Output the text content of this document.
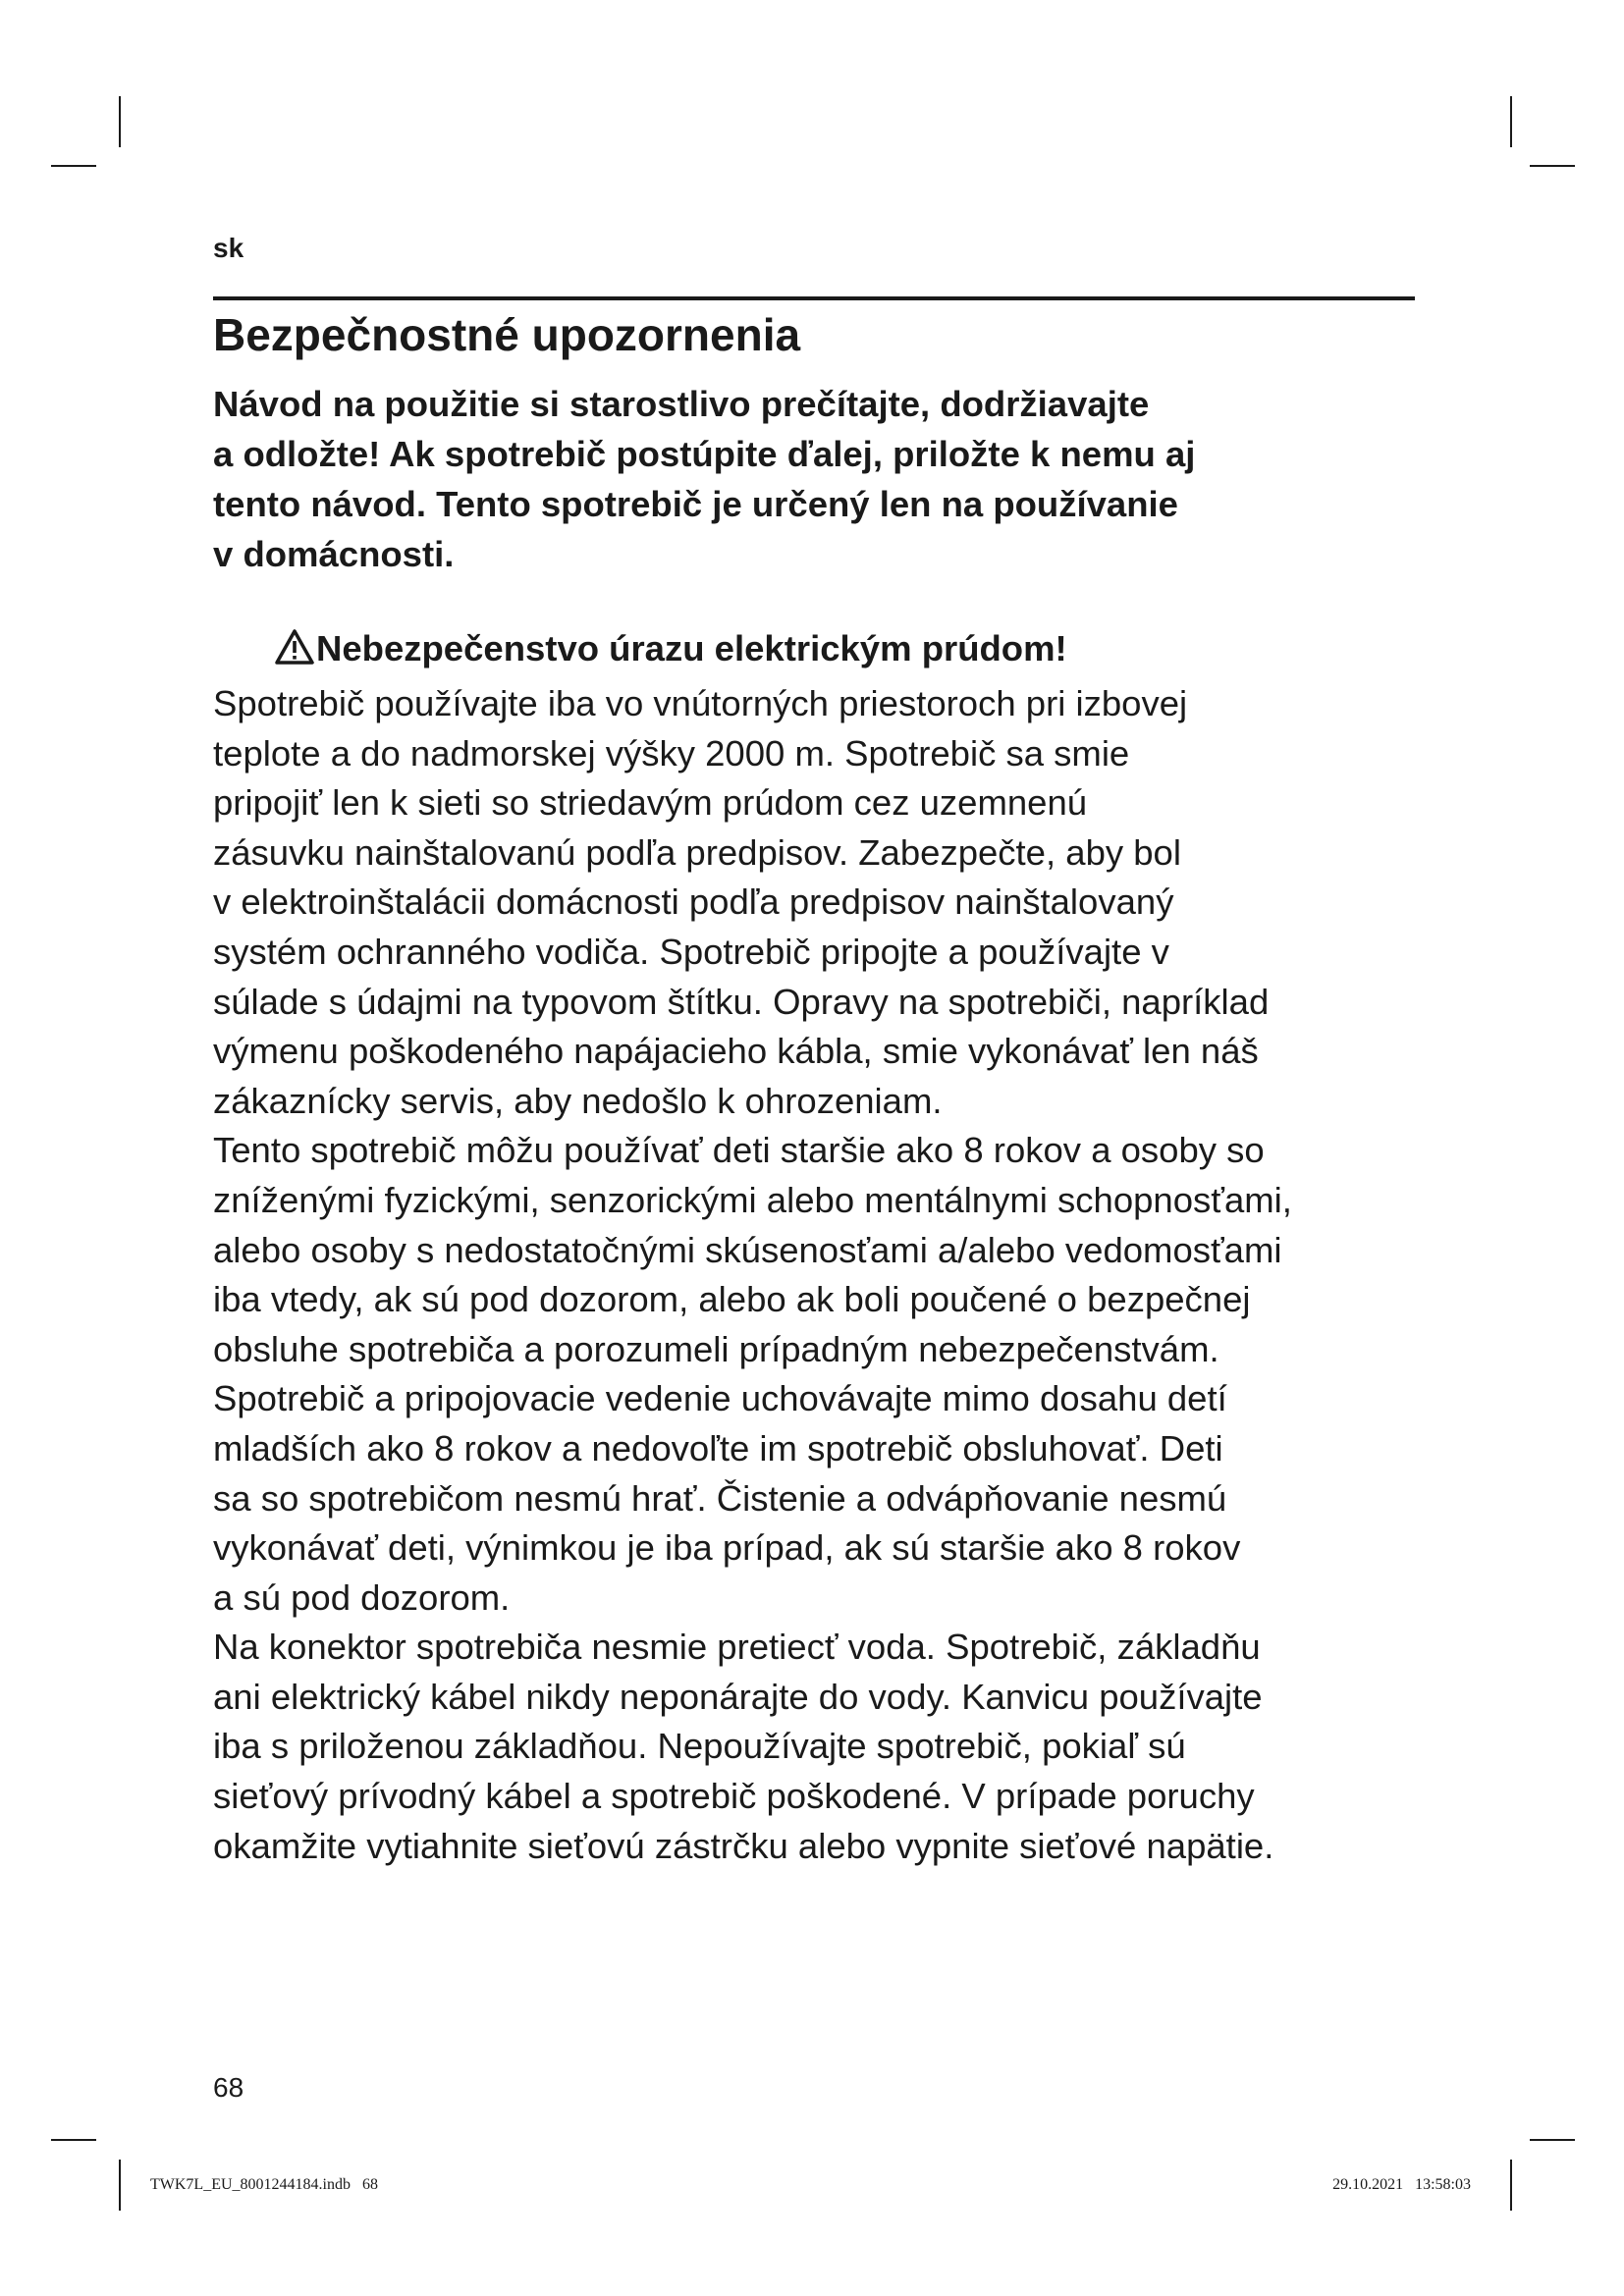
sk
Bezpečnostné upozornenia
Návod na použitie si starostlivo prečítajte, dodržiavajte
a odložte! Ak spotrebič postúpite ďalej, priložte k nemu aj
tento návod. Tento spotrebič je určený len na používanie
v domácnosti.
Nebezpečenstvo úrazu elektrickým prúdom!
Spotrebič používajte iba vo vnútorných priestoroch pri izbovej
teplote a do nadmorskej výšky 2000 m. Spotrebič sa smie
pripojiť len k sieti so striedavým prúdom cez uzemnenú
zásuvku nainštalovanú podľa predpisov. Zabezpečte, aby bol
v elektroinštalácii domácnosti podľa predpisov nainštalovaný
systém ochranného vodiča. Spotrebič pripojte a používajte v
súlade s údajmi na typovom štítku. Opravy na spotrebiči, napríklad
výmenu poškodeného napájacieho kábla, smie vykonávať len náš
zákaznícky servis, aby nedošlo k ohrozeniam.
Tento spotrebič môžu používať deti staršie ako 8 rokov a osoby so
zníženými fyzickými, senzorickými alebo mentálnymi schopnosťami,
alebo osoby s nedostatočnými skúsenosťami a/alebo vedomosťami
iba vtedy, ak sú pod dozorom, alebo ak boli poučené o bezpečnej
obsluhe spotrebiča a porozumeli prípadným nebezpečenstvám.
Spotrebič a pripojovacie vedenie uchovávajte mimo dosahu detí
mladších ako 8 rokov a nedovoľte im spotrebič obsluhovať. Deti
sa so spotrebičom nesmú hrať. Čistenie a odvápňovanie nesmú
vykonávať deti, výnimkou je iba prípad, ak sú staršie ako 8 rokov
a sú pod dozorom.
Na konektor spotrebiča nesmie pretiecť voda. Spotrebič, základňu
ani elektrický kábel nikdy neponárajte do vody. Kanvicu používajte
iba s priloženou základňou. Nepoužívajte spotrebič, pokiaľ sú
sieťový prívodný kábel a spotrebič poškodené. V prípade poruchy
okamžite vytiahnite sieťovú zástrčku alebo vypnite sieťové napätie.
68
TWK7L_EU_8001244184.indb   68	29.10.2021   13:58:03
